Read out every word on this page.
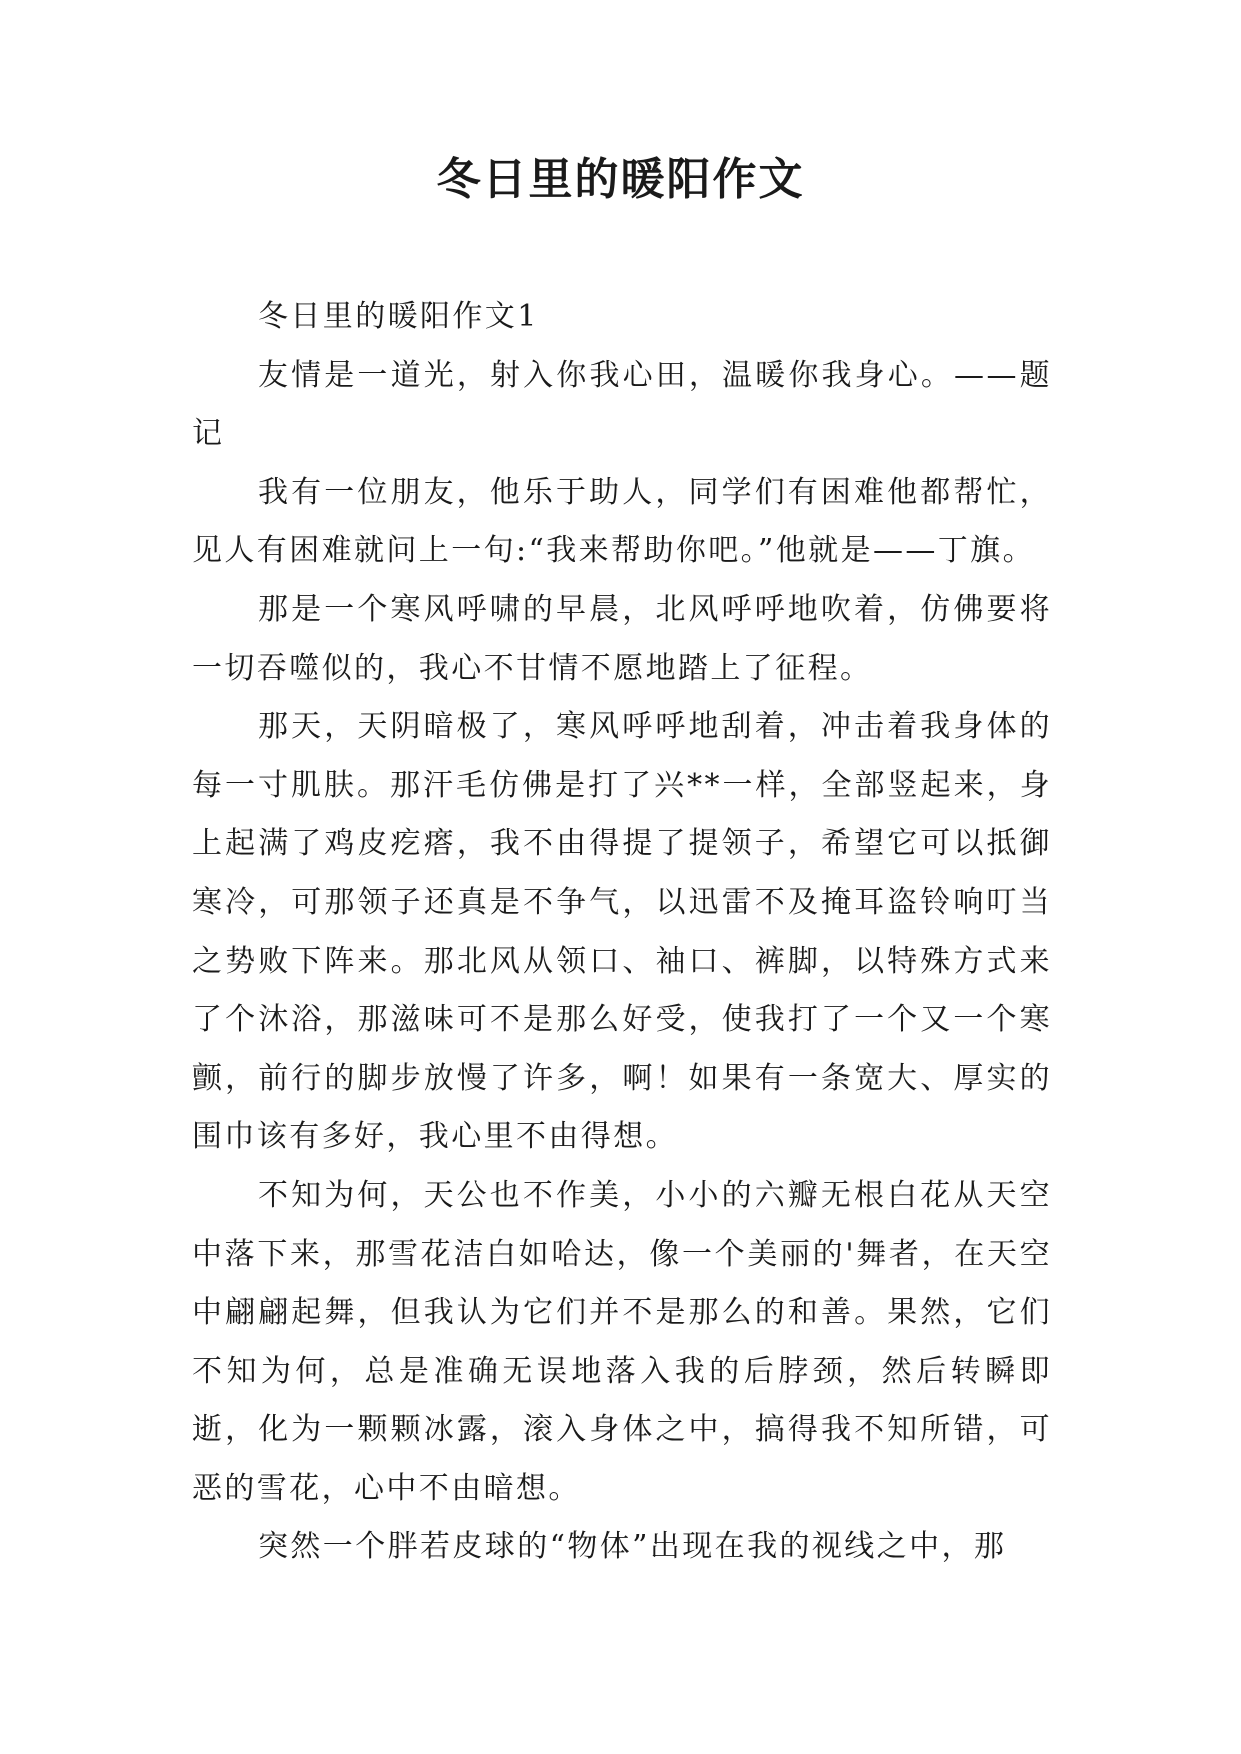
冬日里的暖阳作文

冬日里的暖阳作文1

友情是一道光，射入你我心田，温暖你我身心。——题记

我有一位朋友，他乐于助人，同学们有困难他都帮忙，见人有困难就问上一句:“我来帮助你吧。”他就是——丁旗。

那是一个寒风呼啸的早晨，北风呼呼地吹着，仿佛要将一切吞噬似的，我心不甘情不愿地踏上了征程。

那天，天阴暗极了，寒风呼呼地刮着，冲击着我身体的每一寸肌肤。那汗毛仿佛是打了兴**一样，全部竖起来，身上起满了鸡皮疙瘩，我不由得提了提领子，希望它可以抵御寒冷，可那领子还真是不争气，以迅雷不及掩耳盗铃响叮当之势败下阵来。那北风从领口、袖口、裤脚，以特殊方式来了个沐浴，那滋味可不是那么好受，使我打了一个又一个寒颤，前行的脚步放慢了许多，啊！如果有一条宽大、厚实的围巾该有多好，我心里不由得想。

不知为何，天公也不作美，小小的六瓣无根白花从天空中落下来，那雪花洁白如哈达，像一个美丽的'舞者，在天空中翩翩起舞，但我认为它们并不是那么的和善。果然，它们不知为何，总是准确无误地落入我的后脖颈，然后转瞬即逝，化为一颗颗冰露，滚入身体之中，搞得我不知所错，可恶的雪花，心中不由暗想。

突然一个胖若皮球的“物体”出现在我的视线之中，那
